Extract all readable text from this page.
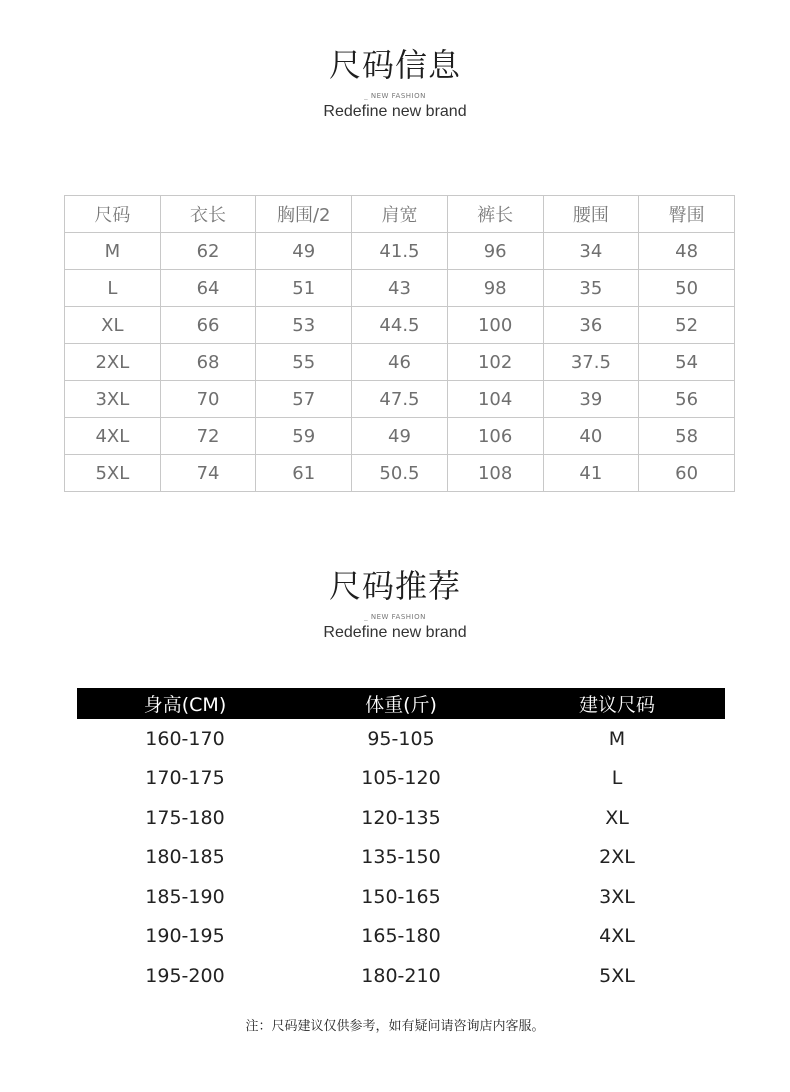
尺码信息
_ NEW FASHION
Redefine new brand
尺码	衣长	胸围/2	肩宽	裤长	腰围	臀围
M	62	49	41.5	96	34	48
L	64	51	43	98	35	50
XL	66	53	44.5	100	36	52
2XL	68	55	46	102	37.5	54
3XL	70	57	47.5	104	39	56
4XL	72	59	49	106	40	58
5XL	74	61	50.5	108	41	60
尺码推荐
_ NEW FASHION
Redefine new brand
身高(CM)	体重(斤)	建议尺码
160-170	95-105	M
170-175	105-120	L
175-180	120-135	XL
180-185	135-150	2XL
185-190	150-165	3XL
190-195	165-180	4XL
195-200	180-210	5XL
注：尺码建议仅供参考，如有疑问请咨询店内客服。
